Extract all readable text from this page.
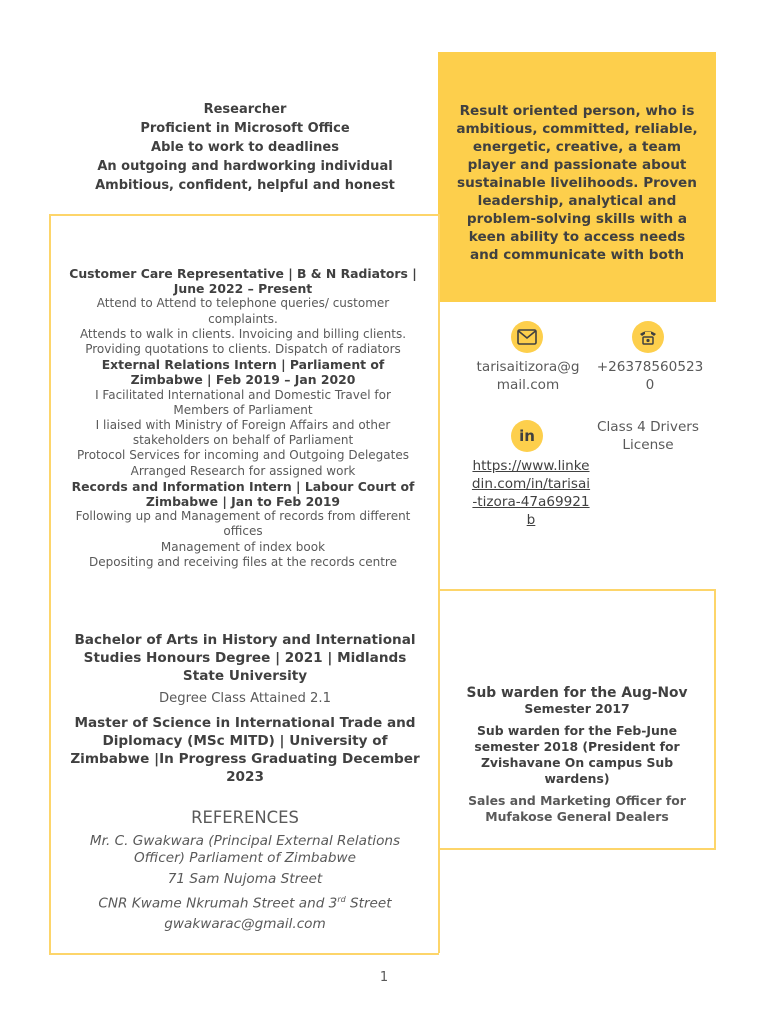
Researcher
Proficient in Microsoft Office
Able to work to deadlines
An outgoing and hardworking individual
Ambitious, confident, helpful and honest
Result oriented person, who is ambitious, committed, reliable, energetic, creative, a team player and passionate about sustainable livelihoods. Proven leadership, analytical and problem-solving skills with a keen ability to access needs and communicate with both
Customer Care Representative | B & N Radiators | June 2022 – Present
Attend to Attend to telephone queries/ customer complaints.
Attends to walk in clients. Invoicing and billing clients.
Providing quotations to clients. Dispatch of radiators
External Relations Intern | Parliament of Zimbabwe | Feb 2019 – Jan 2020
I Facilitated International and Domestic Travel for Members of Parliament
I liaised with Ministry of Foreign Affairs and other stakeholders on behalf of Parliament
Protocol Services for incoming and Outgoing Delegates
Arranged Research for assigned work
Records and Information Intern | Labour Court of Zimbabwe | Jan to Feb 2019
Following up and Management of records from different offices
Management of index book
Depositing and receiving files at the records centre
Bachelor of Arts in History and International Studies Honours Degree | 2021 | Midlands State University
Degree Class Attained 2.1
Master of Science in International Trade and Diplomacy (MSc MITD) | University of Zimbabwe |In Progress Graduating December 2023
REFERENCES
Mr. C. Gwakwara (Principal External Relations Officer) Parliament of Zimbabwe
71 Sam Nujoma Street
CNR Kwame Nkrumah Street and 3rd Street
gwakwarac@gmail.com
tarisaitizora@gmail.com
+263785605230
in
https://www.linkedin.com/in/tarisai-tizora-47a69921b
Class 4 Drivers License
Sub warden for the Aug-Nov
Semester 2017
Sub warden for the Feb-June semester 2018 (President for Zvishavane On campus Sub wardens)
Sales and Marketing Officer for Mufakose General Dealers
1
